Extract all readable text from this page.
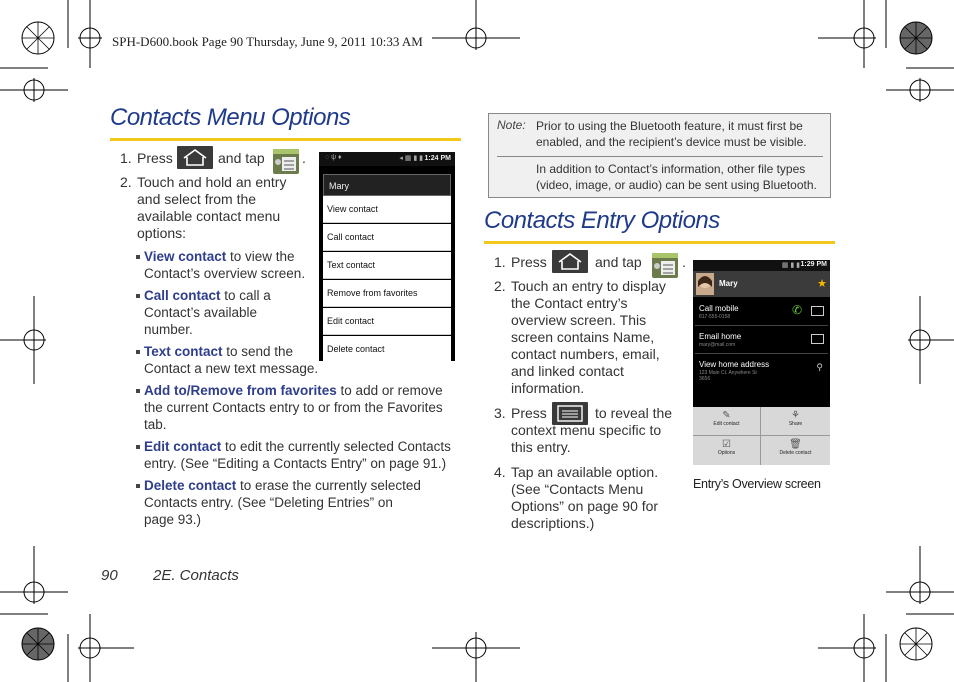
SPH-D600.book Page 90 Thursday, June 9, 2011 10:33 AM
Contacts Menu Options
1. Press	and tap	.
2. Touch and hold an entry
and select from the
available contact menu
options:
View contact to view the
Contact’s overview screen.
Call contact to call a
Contact’s available
number.
Text contact to send the
Contact a new text message.
Add to/Remove from favorites to add or remove
the current Contacts entry to or from the Favorites
tab.
Edit contact to edit the currently selected Contacts
entry. (See “Editing a Contacts Entry” on page 91.)
Delete contact to erase the currently selected
Contacts entry. (See “Deleting Entries” on
page 93.)
1:24 PM
◌ ψ ♦	◂ ▦ ▮ ▮
Mary
View contact
Call contact
Text contact
Remove from favorites
Edit contact
Delete contact
Note: Prior to using the Bluetooth feature, it must first be
enabled, and the recipient’s device must be visible.
In addition to Contact’s information, other file types
(video, image, or audio) can be sent using Bluetooth.
Contacts Entry Options
1. Press	and tap	.
2. Touch an entry to display
the Contact entry’s
overview screen. This
screen contains Name,
contact numbers, email,
and linked contact
information.
3. Press	to reveal the
context menu specific to
this entry.
4. Tap an available option.
(See “Contacts Menu
Options” on page 90 for
descriptions.)
1:29 PM
▦ ▮ ▮
Mary	★
Call mobile
817-555-0158	✆
Email home
mary@mail.com
View home address
123 Main Ct. Anywhere St 3656
⚲
✎
Edit contact
⚘
Share
☑
Options
🗑
Delete contact
Entry’s Overview screen
90 2E. Contacts
